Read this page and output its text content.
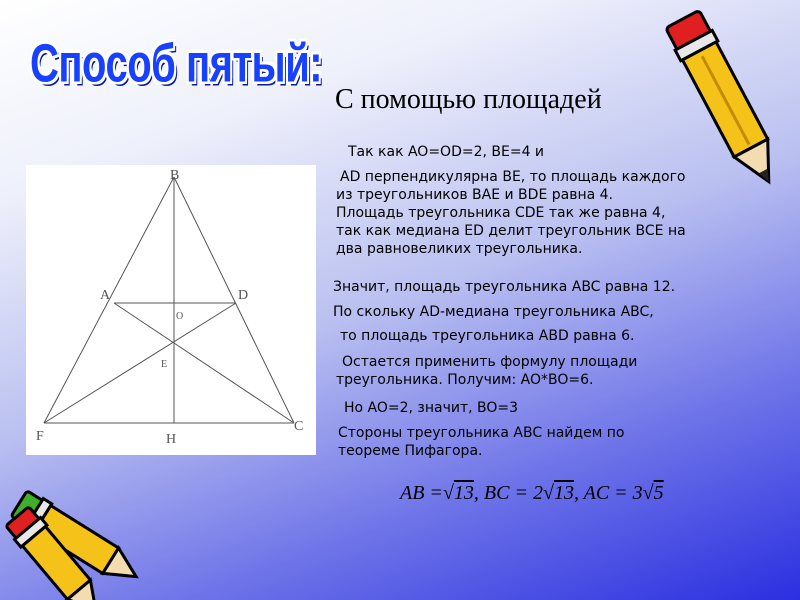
Способ пятый:
С помощью площадей
B
A	D
O
E
F	H
C

Так как AO=OD=2, BE=4 и

AD перпендикулярна BE, то площадь каждого

из треугольников BAE и BDE равна 4.

Площадь треугольника CDE так же равна 4,

так как медиана ED делит треугольник BCE на

два равновеликих треугольника.

Значит, площадь треугольника ABC равна 12.

По скольку AD-медиана треугольника ABC,

то площадь треугольника ABD равна 6.

Остается применить формулу площади

треугольника. Получим: AO*BO=6.

Но AO=2, значит, BO=3

Стороны треугольника ABC найдем по

теореме Пифагора.

AB =√13, BC = 2√13, AC = 3√5
